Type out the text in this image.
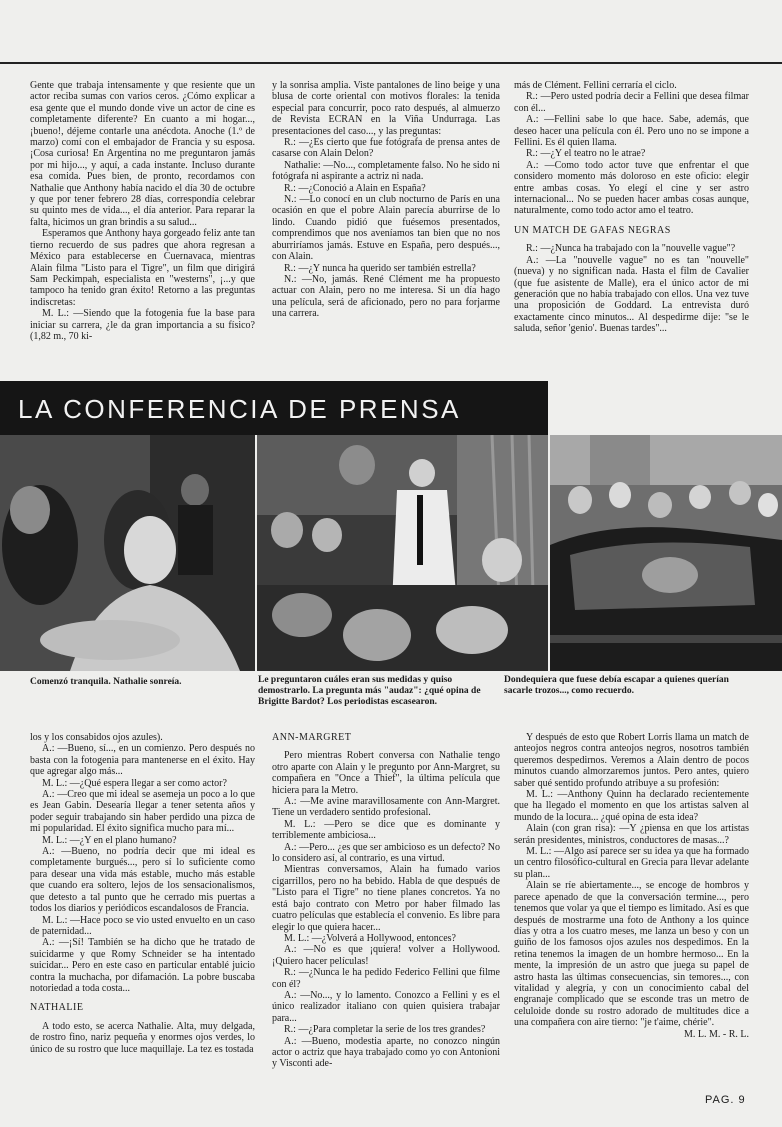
Gente que trabaja intensamente y que resiente que un actor reciba sumas con varios ceros. ¿Cómo explicar a esa gente que el mundo donde vive un actor de cine es completamente diferente? En cuanto a mi hogar..., ¡bueno!, déjeme contarle una anécdota. Anoche (1.º de marzo) comí con el embajador de Francia y su esposa. ¡Cosa curiosa! En Argentina no me preguntaron jamás por mi hijo..., y aquí, a cada instante. Incluso durante esa comida. Pues bien, de pronto, recordamos con Nathalie que Anthony había nacido el día 30 de octubre y que por tener febrero 28 días, correspondía celebrar su quinto mes de vida..., el día anterior. Para reparar la falta, hicimos un gran brindis a su salud...

Esperamos que Anthony haya gorgeado feliz ante tan tierno recuerdo de sus padres que ahora regresan a México para establecerse en Cuernavaca, mientras Alain filma "Listo para el Tigre", un film que dirigirá Sam Peckimpah, especialista en "westerns", ¡...y que tampoco ha tenido gran éxito! Retorno a las preguntas indiscretas:

M. L.: —Siendo que la fotogenia fue la base para iniciar su carrera, ¿le da gran importancia a su físico? (1,82 m., 70 ki-

y la sonrisa amplia. Viste pantalones de lino beige y una blusa de corte oriental con motivos florales: la tenida especial para concurrir, poco rato después, al almuerzo de Revista ECRAN en la Viña Undurraga. Las presentaciones del caso..., y las preguntas:

R.: —¿Es cierto que fue fotógrafa de prensa antes de casarse con Alain Delon?

Nathalie: —No..., completamente falso. No he sido ni fotógrafa ni aspirante a actriz ni nada.

R.: —¿Conoció a Alain en España?

N.: —Lo conocí en un club nocturno de París en una ocasión en que el pobre Alain parecía aburrirse de lo lindo. Cuando pidió que fuésemos presentados, comprendimos que nos aveníamos tan bien que no nos aburriríamos jamás. Estuve en España, pero después..., con Alain.

R.: —¿Y nunca ha querido ser también estrella?

N.: —No, jamás. René Clément me ha propuesto actuar con Alain, pero no me interesa. Si un día hago una película, será de aficionado, pero no para forjarme una carrera.

más de Clément. Fellini cerraría el ciclo.

R.: —Pero usted podría decir a Fellini que desea filmar con él...

A.: —Fellini sabe lo que hace. Sabe, además, que deseo hacer una película con él. Pero uno no se impone a Fellini. Es él quien llama.

R.: —¿Y el teatro no le atrae?

A.: —Como todo actor tuve que enfrentar el que considero momento más doloroso en este oficio: elegir entre ambas cosas. Yo elegí el cine y ser astro internacional... No se pueden hacer ambas cosas aunque, naturalmente, como todo actor amo el teatro.

UN MATCH DE GAFAS NEGRAS

R.: —¿Nunca ha trabajado con la "nouvelle vague"?

A.: —La "nouvelle vague" no es tan "nouvelle" (nueva) y no significan nada. Hasta el film de Cavalier (que fue asistente de Malle), era el único actor de mi generación que no había trabajado con ellos. Una vez tuve una proposición de Goddard. La entrevista duró exactamente cinco minutos... Al despedirme dije: "se le saluda, señor 'genio'. Buenas tardes"...

LA CONFERENCIA DE PRENSA
Comenzó tranquila. Nathalie sonreía.	Le preguntaron cuáles eran sus medidas y quiso demostrarlo. La pregunta más "audaz": ¿qué opina de Brigitte Bardot? Los periodistas escasearon.
Dondequiera que fuese debía escapar a quienes querían sacarle trozos..., como recuerdo.

los y los consabidos ojos azules).

A.: —Bueno, sí..., en un comienzo. Pero después no basta con la fotogenia para mantenerse en el éxito. Hay que agregar algo más...

M. L.: —¿Qué espera llegar a ser como actor?

A.: —Creo que mi ideal se asemeja un poco a lo que es Jean Gabin. Desearía llegar a tener setenta años y poder seguir trabajando sin haber perdido una pizca de mi popularidad. El éxito significa mucho para mí...

M. L.: —¿Y en el plano humano?

A.: —Bueno, no podría decir que mi ideal es completamente burgués..., pero sí lo suficiente como para desear una vida más estable, mucho más estable que cuando era soltero, lejos de los sensacionalismos, que detesto a tal punto que he cerrado mis puertas a todos los diarios y periódicos escandalosos de Francia.

M. L.: —Hace poco se vio usted envuelto en un caso de paternidad...

A.: —¡Sí! También se ha dicho que he tratado de suicidarme y que Romy Schneider se ha intentado suicidar... Pero en este caso en particular entablé juicio contra la muchacha, por difamación. La pobre buscaba notoriedad a toda costa...

NATHALIE

A todo esto, se acerca Nathalie. Alta, muy delgada, de rostro fino, nariz pequeña y enormes ojos verdes, lo único de su rostro que luce maquillaje. La tez es tostada

ANN-MARGRET

Pero mientras Robert conversa con Nathalie tengo otro aparte con Alain y le pregunto por Ann-Margret, su compañera en "Once a Thief", la última película que hiciera para la Metro.

A.: —Me avine maravillosamente con Ann-Margret. Tiene un verdadero sentido profesional.

M. L.: —Pero se dice que es dominante y terriblemente ambiciosa...

A.: —Pero... ¿es que ser ambicioso es un defecto? No lo considero así, al contrario, es una virtud.

Mientras conversamos, Alain ha fumado varios cigarrillos, pero no ha bebido. Habla de que después de "Listo para el Tigre" no tiene planes concretos. Ya no está bajo contrato con Metro por haber filmado las cuatro películas que establecía el convenio. Es libre para elegir lo que quiera hacer...

M. L.: —¿Volverá a Hollywood, entonces?

A.: —No es que ¡quiera! volver a Hollywood. ¡Quiero hacer películas!

R.: —¿Nunca le ha pedido Federico Fellini que filme con él?

A.: —No..., y lo lamento. Conozco a Fellini y es el único realizador italiano con quien quisiera trabajar para...

R.: —¿Para completar la serie de los tres grandes?

A.: —Bueno, modestia aparte, no conozco ningún actor o actriz que haya trabajado como yo con Antonioni y Visconti ade-

Y después de esto que Robert Lorris llama un match de anteojos negros contra anteojos negros, nosotros también queremos despedirnos. Veremos a Alain dentro de pocos minutos cuando almorzaremos juntos. Pero antes, quiero saber qué sentido profundo atribuye a su profesión:

M. L.: —Anthony Quinn ha declarado recientemente que ha llegado el momento en que los artistas salven al mundo de la locura... ¿qué opina de esta idea?

Alain (con gran risa): —Y ¿piensa en que los artistas serán presidentes, ministros, conductores de masas...?

M. L.: —Algo así parece ser su idea ya que ha formado un centro filosófico-cultural en Grecia para llevar adelante su plan...

Alain se ríe abiertamente..., se encoge de hombros y parece apenado de que la conversación termine..., pero tenemos que volar ya que el tiempo es limitado. Así es que después de mostrarme una foto de Anthony a los quince días y otra a los cuatro meses, me lanza un beso y con un guiño de los famosos ojos azules nos despedimos. En la retina tenemos la imagen de un hombre hermoso... En la mente, la impresión de un astro que juega su papel de astro hasta las últimas consecuencias, sin temores..., con vitalidad y alegría, y con un conocimiento cabal del engranaje complicado que se esconde tras un metro de celuloide donde su rostro adorado de multitudes dice a una compañera con aire tierno: "je t'aime, chérie".

M. L. M. - R. L.

PAG. 9
